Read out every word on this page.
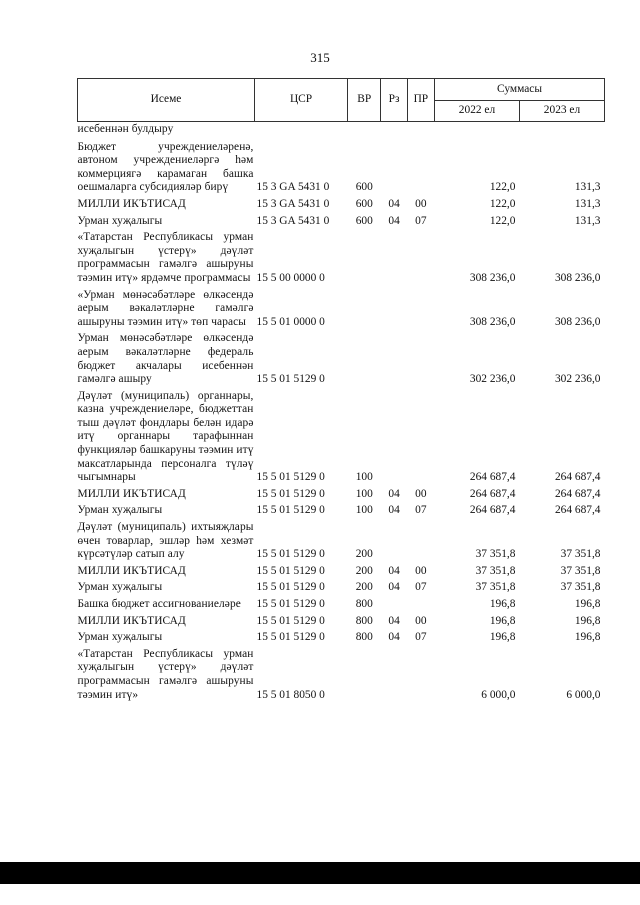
315
Исеме	ЦСР	ВР	Рз	ПР	Суммасы	
					2022 ел	2023 ел
исебеннән булдыру						
Бюджет учреждениеләренә, автоном учреждениеләргә һәм коммерциягә карамаган башка оешмаларга субсидияләр бирү	15 3 GA 5431 0	600			122,0	131,3
МИЛЛИ ИКЪТИСАД	15 3 GA 5431 0	600	04	00	122,0	131,3
Урман хуҗалыгы	15 3 GA 5431 0	600	04	07	122,0	131,3
«Татарстан Республикасы урман хуҗалыгын үстерү» дәүләт программасын гамәлгә ашыруны тәэмин итү» ярдәмче программасы	15 5 00 0000 0				308 236,0	308 236,0
«Урман мөнәсәбәтләре өлкәсендә аерым вәкаләтләрне гамәлгә ашыруны тәэмин итү» төп чарасы	15 5 01 0000 0				308 236,0	308 236,0
Урман мөнәсәбәтләре өлкәсендә аерым вәкаләтләрне федераль бюджет акчалары исебеннән гамәлгә ашыру	15 5 01 5129 0				302 236,0	302 236,0
Дәүләт (муниципаль) органнары, казна учреждениеләре, бюджеттан тыш дәүләт фондлары белән идарә итү органнары тарафыннан функцияләр башкаруны тәэмин итү максатларында персоналга түләү чыгымнары	15 5 01 5129 0	100			264 687,4	264 687,4
МИЛЛИ ИКЪТИСАД	15 5 01 5129 0	100	04	00	264 687,4	264 687,4
Урман хуҗалыгы	15 5 01 5129 0	100	04	07	264 687,4	264 687,4
Дәүләт (муниципаль) ихтыяҗлары өчен товарлар, эшләр һәм хезмәт күрсәтүләр сатып алу	15 5 01 5129 0	200			37 351,8	37 351,8
МИЛЛИ ИКЪТИСАД	15 5 01 5129 0	200	04	00	37 351,8	37 351,8
Урман хуҗалыгы	15 5 01 5129 0	200	04	07	37 351,8	37 351,8
Башка бюджет ассигнованиеләре	15 5 01 5129 0	800			196,8	196,8
МИЛЛИ ИКЪТИСАД	15 5 01 5129 0	800	04	00	196,8	196,8
Урман хуҗалыгы	15 5 01 5129 0	800	04	07	196,8	196,8
«Татарстан Республикасы урман хуҗалыгын үстерү» дәүләт программасын гамәлгә ашыруны тәэмин итү»	15 5 01 8050 0				6 000,0	6 000,0
